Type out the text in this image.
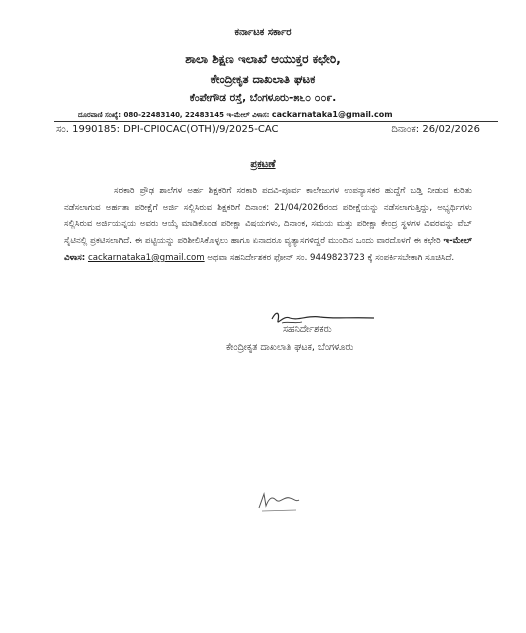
ಕರ್ನಾಟಕ ಸರ್ಕಾರ
ಶಾಲಾ ಶಿಕ್ಷಣ ಇಲಾಖೆ ಆಯುಕ್ತರ ಕಛೇರಿ,
ಕೇಂದ್ರೀಕೃತ ದಾಖಲಾತಿ ಘಟಕ
ಕೆಂಪೇಗೌಡ ರಸ್ತೆ, ಬೆಂಗಳೂರು-೫೬೦ ೦೦೯.
ದೂರವಾಣಿ ಸಂಖ್ಯೆ: 080-22483140, 22483145 ಇ-ಮೇಲ್ ವಿಳಾಸ: cackarnataka1@gmail.com
ಸಂ. 1990185: DPI-CPI0CAC(OTH)/9/2025-CAC	ದಿನಾಂಕ: 26/02/2026
ಪ್ರಕಟಣೆ
ಸರಕಾರಿ ಪ್ರೌಢ ಶಾಲೆಗಳ ಅರ್ಹ ಶಿಕ್ಷಕರಿಗೆ ಸರಕಾರಿ ಪದವಿ-ಪೂರ್ವ ಕಾಲೇಜುಗಳ ಉಪನ್ಯಾಸಕರ ಹುದ್ದೆಗೆ ಬಡ್ತಿ ನೀಡುವ ಕುರಿತು ನಡೆಸಲಾಗುವ ಅರ್ಹತಾ ಪರೀಕ್ಷೆಗೆ ಅರ್ಜಿ ಸಲ್ಲಿಸಿರುವ ಶಿಕ್ಷಕರಿಗೆ ದಿನಾಂಕ: 21/04/2026ರಂದ ಪರೀಕ್ಷೆಯನ್ನು ನಡೆಸಲಾಗುತ್ತಿದ್ದು, ಅಭ್ಯರ್ಥಿಗಳು ಸಲ್ಲಿಸಿರುವ ಅರ್ಜಿಯನ್ನಯ ಅವರು ಆಯ್ಕೆ ಮಾಡಿಕೊಂಡ ಪರೀಕ್ಷಾ ವಿಷಯಗಳು, ದಿನಾಂಕ, ಸಮಯ ಮತ್ತು ಪರೀಕ್ಷಾ ಕೇಂದ್ರ ಸ್ಥಳಗಳ ವಿವರವನ್ನು ವೆಬ್ ಸೈಟಿನಲ್ಲಿ ಪ್ರಕಟಿಸಲಾಗಿದೆ. ಈ ಪಟ್ಟಿಯನ್ನು ಪರಿಶೀಲಿಸಿಕೊಳ್ಳಲು ಹಾಗೂ ಏನಾದರೂ ವ್ಯತ್ಯಾಸಗಳಿದ್ದರೆ ಮುಂದಿನ ಒಂದು ವಾರದೊಳಗೆ ಈ ಕಛೇರಿ ಇ-ಮೇಲ್ ವಿಳಾಸ: cackarnataka1@gmail.com ಅಥವಾ ಸಹನಿರ್ದೇಶಕರ ಫೋನ್ ಸಂ. 9449823723 ಕ್ಕೆ ಸಂಪರ್ಕಿಸಬೇಕಾಗಿ ಸೂಚಿಸಿದೆ.
ಸಹನಿರ್ದೇಶಕರು
ಕೇಂದ್ರೀಕೃತ ದಾಖಲಾತಿ ಘಟಕ, ಬೆಂಗಳೂರು
